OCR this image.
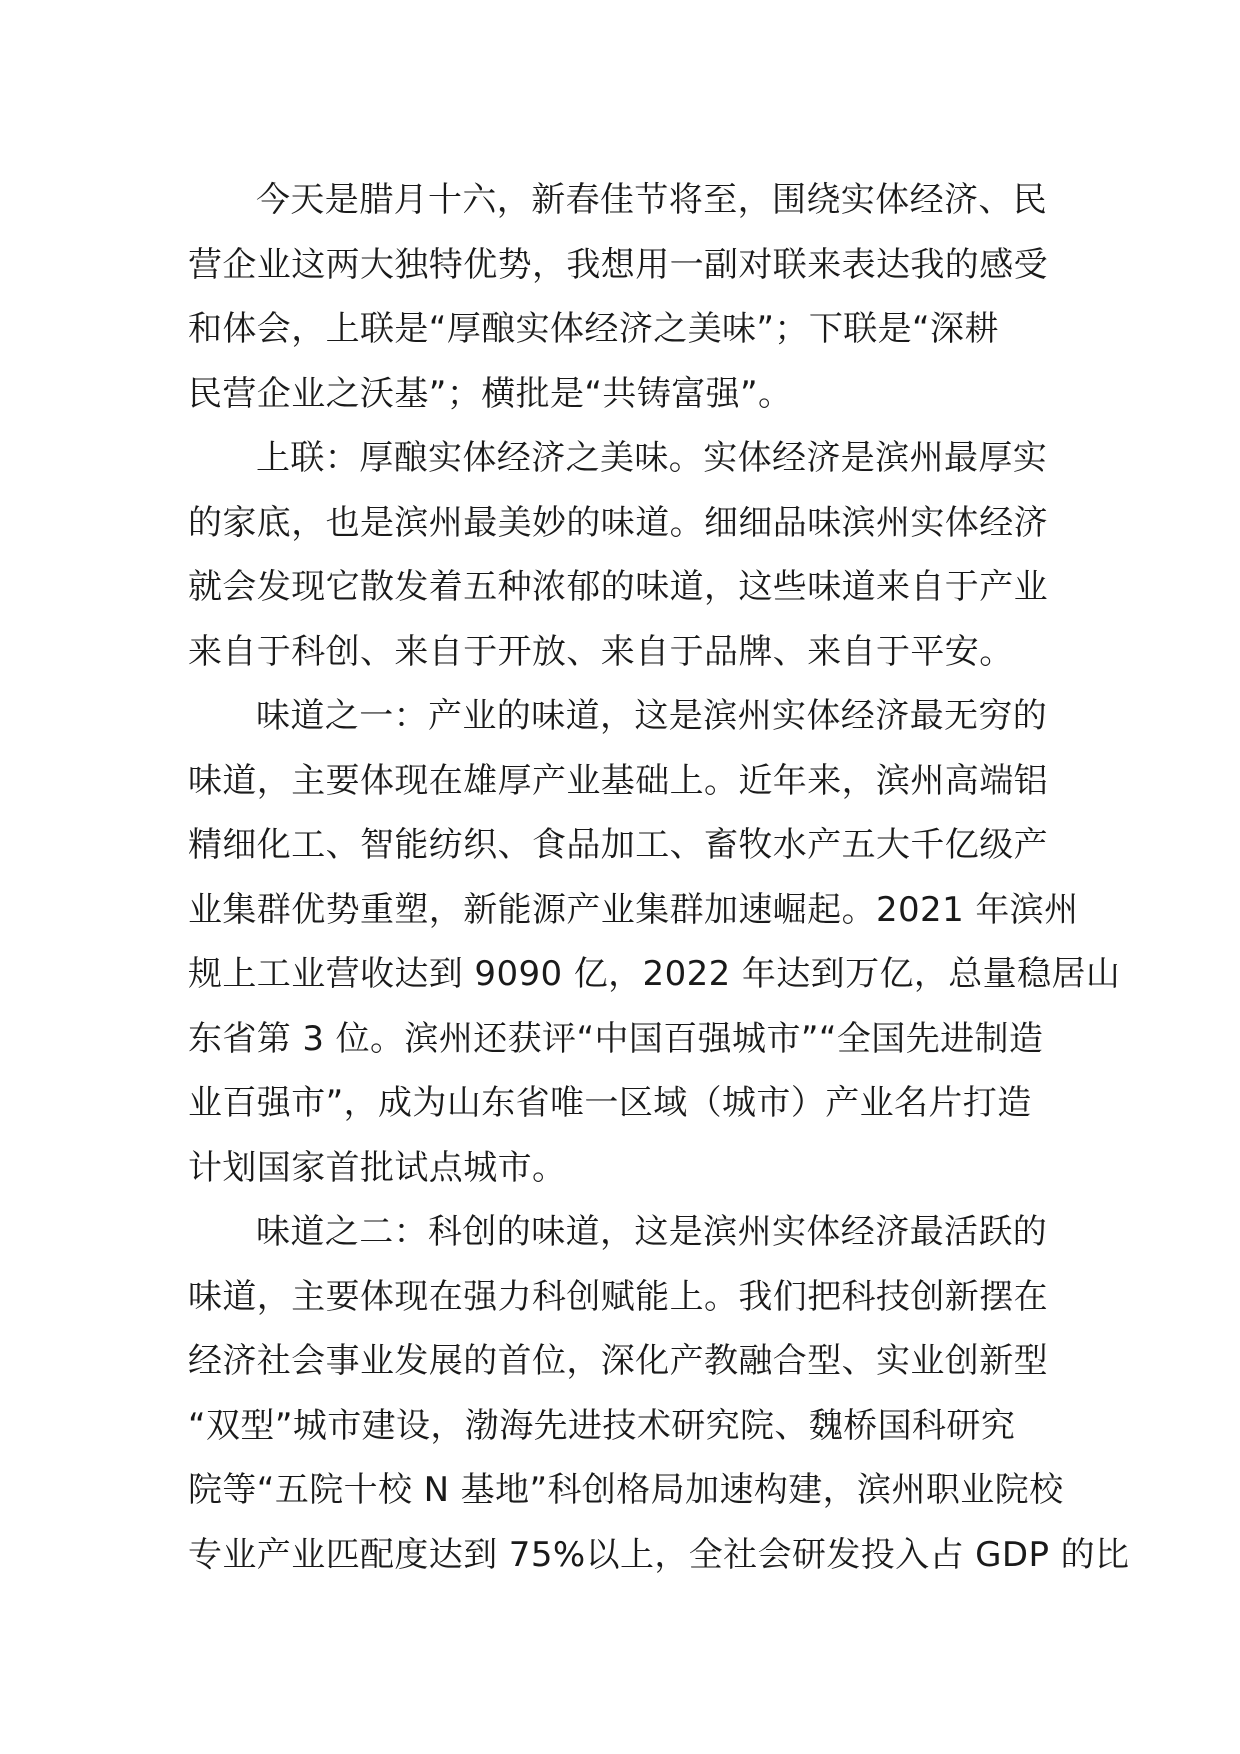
今天是腊月十六，新春佳节将至，围绕实体经济、民
营企业这两大独特优势，我想用一副对联来表达我的感受
和体会，上联是“厚酿实体经济之美味”；下联是“深耕
民营企业之沃基”；横批是“共铸富强”。
上联：厚酿实体经济之美味。实体经济是滨州最厚实
的家底，也是滨州最美妙的味道。细细品味滨州实体经济
就会发现它散发着五种浓郁的味道，这些味道来自于产业
来自于科创、来自于开放、来自于品牌、来自于平安。
味道之一：产业的味道，这是滨州实体经济最无穷的
味道，主要体现在雄厚产业基础上。近年来，滨州高端铝
精细化工、智能纺织、食品加工、畜牧水产五大千亿级产
业集群优势重塑，新能源产业集群加速崛起。2021 年滨州
规上工业营收达到 9090 亿，2022 年达到万亿，总量稳居山
东省第 3 位。滨州还获评“中国百强城市”“全国先进制造
业百强市”，成为山东省唯一区域（城市）产业名片打造
计划国家首批试点城市。
味道之二：科创的味道，这是滨州实体经济最活跃的
味道，主要体现在强力科创赋能上。我们把科技创新摆在
经济社会事业发展的首位，深化产教融合型、实业创新型
“双型”城市建设，渤海先进技术研究院、魏桥国科研究
院等“五院十校 N 基地”科创格局加速构建，滨州职业院校
专业产业匹配度达到 75%以上，全社会研发投入占 GDP 的比
